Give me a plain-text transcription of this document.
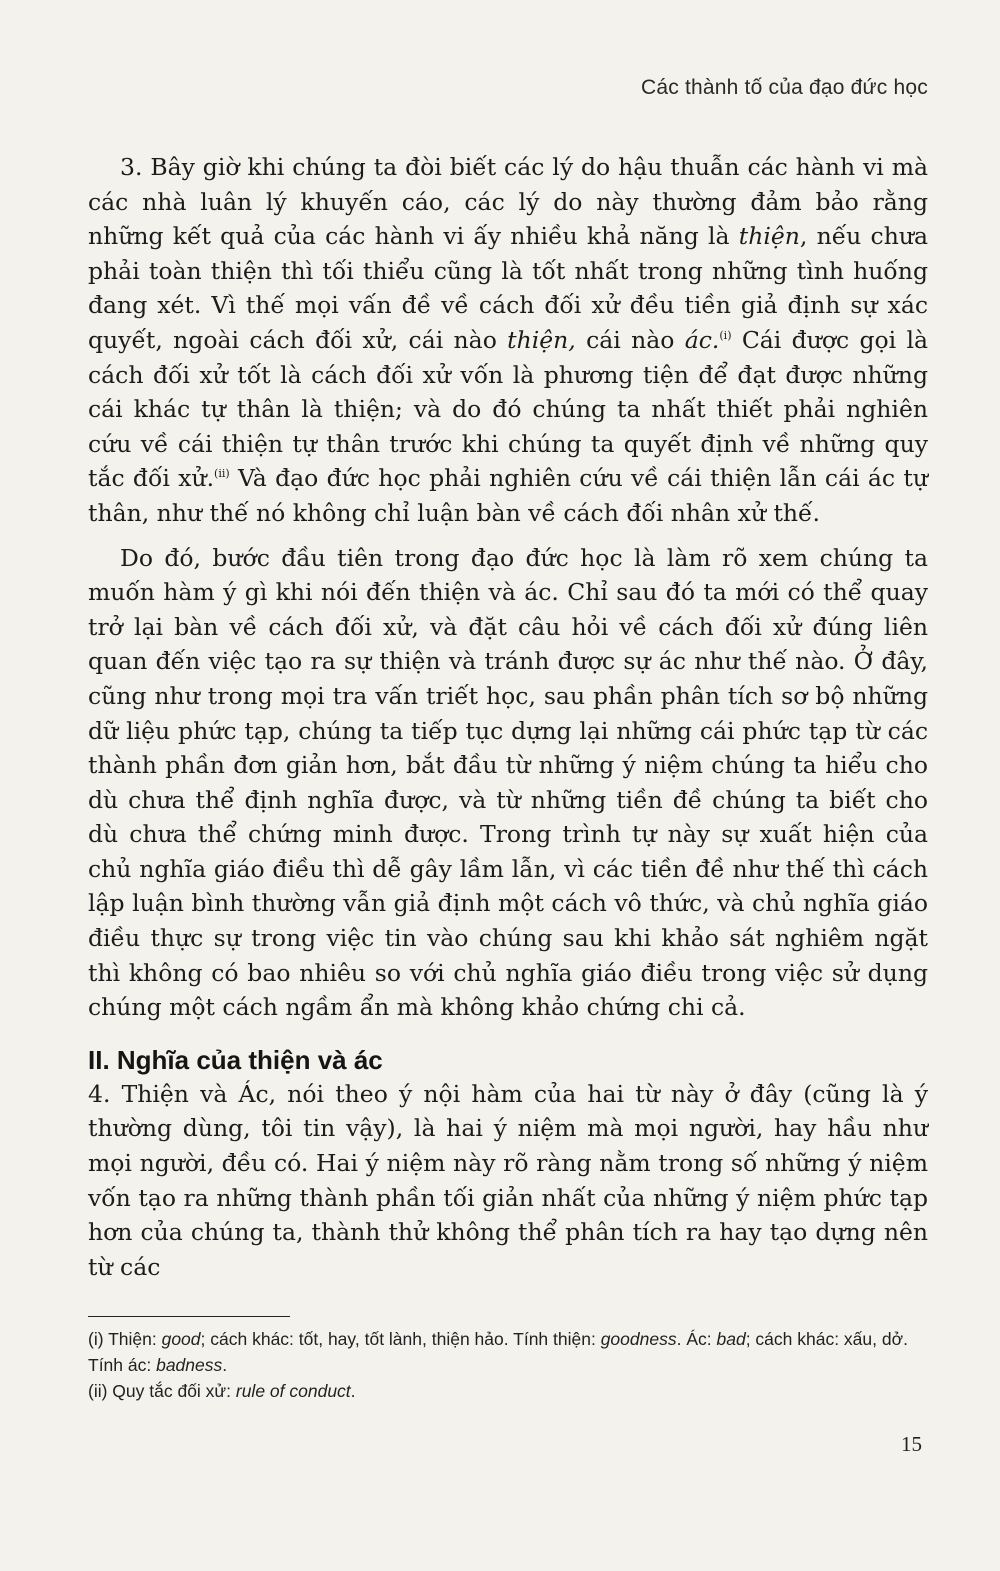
Các thành tố của đạo đức học

3. Bây giờ khi chúng ta đòi biết các lý do hậu thuẫn các hành vi mà các nhà luân lý khuyến cáo, các lý do này thường đảm bảo rằng những kết quả của các hành vi ấy nhiều khả năng là thiện, nếu chưa phải toàn thiện thì tối thiểu cũng là tốt nhất trong những tình huống đang xét. Vì thế mọi vấn đề về cách đối xử đều tiền giả định sự xác quyết, ngoài cách đối xử, cái nào thiện, cái nào ác.$^{(i)}$ Cái được gọi là cách đối xử tốt là cách đối xử vốn là phương tiện để đạt được những cái khác tự thân là thiện; và do đó chúng ta nhất thiết phải nghiên cứu về cái thiện tự thân trước khi chúng ta quyết định về những quy tắc đối xử.$^{(ii)}$ Và đạo đức học phải nghiên cứu về cái thiện lẫn cái ác tự thân, như thế nó không chỉ luận bàn về cách đối nhân xử thế.

Do đó, bước đầu tiên trong đạo đức học là làm rõ xem chúng ta muốn hàm ý gì khi nói đến thiện và ác. Chỉ sau đó ta mới có thể quay trở lại bàn về cách đối xử, và đặt câu hỏi về cách đối xử đúng liên quan đến việc tạo ra sự thiện và tránh được sự ác như thế nào. Ở đây, cũng như trong mọi tra vấn triết học, sau phần phân tích sơ bộ những dữ liệu phức tạp, chúng ta tiếp tục dựng lại những cái phức tạp từ các thành phần đơn giản hơn, bắt đầu từ những ý niệm chúng ta hiểu cho dù chưa thể định nghĩa được, và từ những tiền đề chúng ta biết cho dù chưa thể chứng minh được. Trong trình tự này sự xuất hiện của chủ nghĩa giáo điều thì dễ gây lầm lẫn, vì các tiền đề như thế thì cách lập luận bình thường vẫn giả định một cách vô thức, và chủ nghĩa giáo điều thực sự trong việc tin vào chúng sau khi khảo sát nghiêm ngặt thì không có bao nhiêu so với chủ nghĩa giáo điều trong việc sử dụng chúng một cách ngầm ẩn mà không khảo chứng chi cả.

II. Nghĩa của thiện và ác

4. Thiện và Ác, nói theo ý nội hàm của hai từ này ở đây (cũng là ý thường dùng, tôi tin vậy), là hai ý niệm mà mọi người, hay hầu như mọi người, đều có. Hai ý niệm này rõ ràng nằm trong số những ý niệm vốn tạo ra những thành phần tối giản nhất của những ý niệm phức tạp hơn của chúng ta, thành thử không thể phân tích ra hay tạo dựng nên từ các

(i) Thiện: good; cách khác: tốt, hay, tốt lành, thiện hảo. Tính thiện: goodness. Ác: bad; cách khác: xấu, dở. Tính ác: badness.
(ii) Quy tắc đối xử: rule of conduct.
15
